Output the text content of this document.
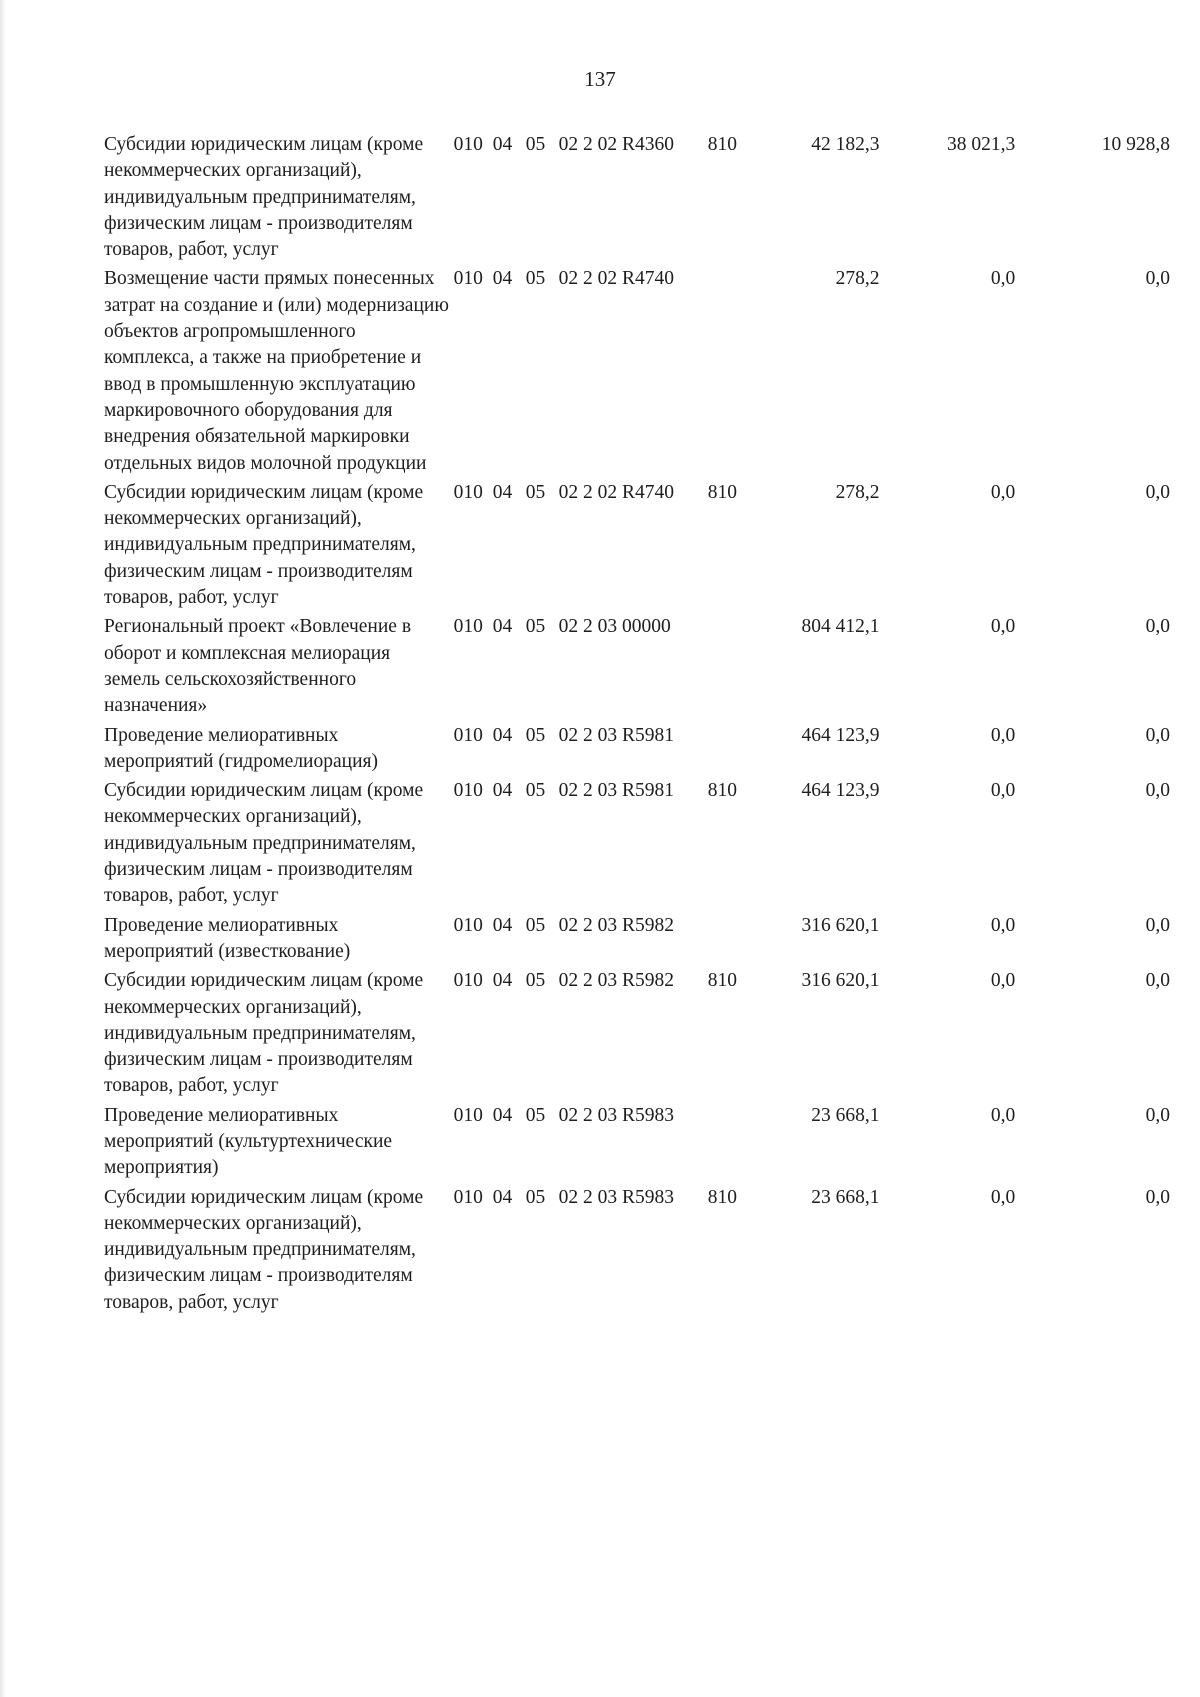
137
Субсидии юридическим лицам (кроме некоммерческих организаций), индивидуальным предпринимателям, физическим лицам - производителям товаров, работ, услуг	010	04	05	02 2 02 R4360	810	42 182,3	38 021,3	10 928,8
Возмещение части прямых понесенных затрат на создание и (или) модернизацию объектов агропромышленного комплекса, а также на приобретение и ввод в промышленную эксплуатацию маркировочного оборудования для внедрения обязательной маркировки отдельных видов молочной продукции	010	04	05	02 2 02 R4740		278,2	0,0	0,0
Субсидии юридическим лицам (кроме некоммерческих организаций), индивидуальным предпринимателям, физическим лицам - производителям товаров, работ, услуг	010	04	05	02 2 02 R4740	810	278,2	0,0	0,0
Региональный проект «Вовлечение в оборот и комплексная мелиорация земель сельскохозяйственного назначения»	010	04	05	02 2 03 00000		804 412,1	0,0	0,0
Проведение мелиоративных мероприятий (гидромелиорация)	010	04	05	02 2 03 R5981		464 123,9	0,0	0,0
Субсидии юридическим лицам (кроме некоммерческих организаций), индивидуальным предпринимателям, физическим лицам - производителям товаров, работ, услуг	010	04	05	02 2 03 R5981	810	464 123,9	0,0	0,0
Проведение мелиоративных мероприятий (известкование)	010	04	05	02 2 03 R5982		316 620,1	0,0	0,0
Субсидии юридическим лицам (кроме некоммерческих организаций), индивидуальным предпринимателям, физическим лицам - производителям товаров, работ, услуг	010	04	05	02 2 03 R5982	810	316 620,1	0,0	0,0
Проведение мелиоративных мероприятий (культуртехнические мероприятия)	010	04	05	02 2 03 R5983		23 668,1	0,0	0,0
Субсидии юридическим лицам (кроме некоммерческих организаций), индивидуальным предпринимателям, физическим лицам - производителям товаров, работ, услуг	010	04	05	02 2 03 R5983	810	23 668,1	0,0	0,0
